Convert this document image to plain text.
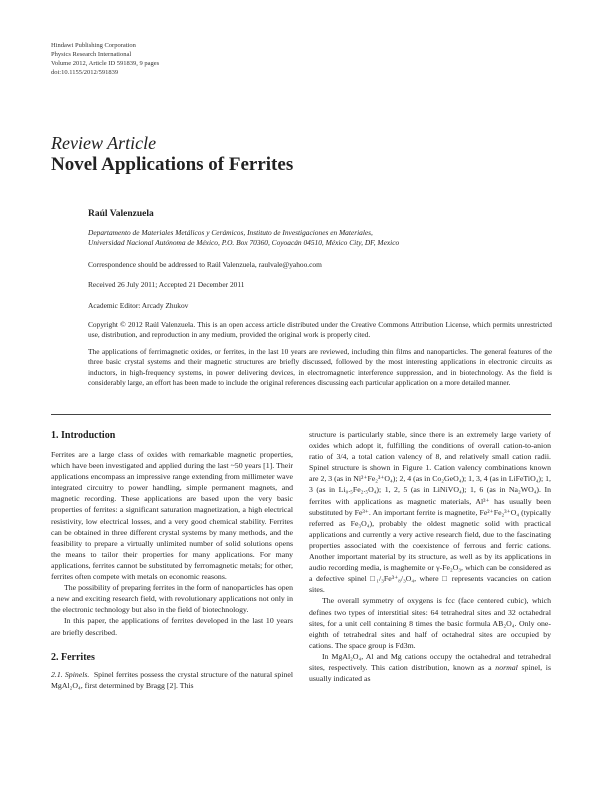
Hindawi Publishing Corporation
Physics Research International
Volume 2012, Article ID 591839, 9 pages
doi:10.1155/2012/591839
Review Article
Novel Applications of Ferrites
Raúl Valenzuela
Departamento de Materiales Metálicos y Cerámicos, Instituto de Investigaciones en Materiales,
Universidad Nacional Autónoma de México, P.O. Box 70360, Coyoacán 04510, México City, DF, Mexico
Correspondence should be addressed to Raúl Valenzuela, raulvale@yahoo.com
Received 26 July 2011; Accepted 21 December 2011
Academic Editor: Arcady Zhukov
Copyright © 2012 Raúl Valenzuela. This is an open access article distributed under the Creative Commons Attribution License, which permits unrestricted use, distribution, and reproduction in any medium, provided the original work is properly cited.
The applications of ferrimagnetic oxides, or ferrites, in the last 10 years are reviewed, including thin films and nanoparticles. The general features of the three basic crystal systems and their magnetic structures are briefly discussed, followed by the most interesting applications in electronic circuits as inductors, in high-frequency systems, in power delivering devices, in electromagnetic interference suppression, and in biotechnology. As the field is considerably large, an effort has been made to include the original references discussing each particular application on a more detailed manner.
1. Introduction

Ferrites are a large class of oxides with remarkable magnetic properties, which have been investigated and applied during the last ~50 years [1]. Their applications encompass an impressive range extending from millimeter wave integrated circuitry to power handling, simple permanent magnets, and magnetic recording. These applications are based upon the very basic properties of ferrites: a significant saturation magnetization, a high electrical resistivity, low electrical losses, and a very good chemical stability. Ferrites can be obtained in three different crystal systems by many methods, and the feasibility to prepare a virtually unlimited number of solid solutions opens the means to tailor their properties for many applications. For many applications, ferrites cannot be substituted by ferromagnetic metals; for other, ferrites often compete with metals on economic reasons.

The possibility of preparing ferrites in the form of nanoparticles has open a new and exciting research field, with revolutionary applications not only in the electronic technology but also in the field of biotechnology.

In this paper, the applications of ferrites developed in the last 10 years are briefly described.

2. Ferrites

2.1. Spinels. Spinel ferrites possess the crystal structure of the natural spinel MgAl₂O₄, first determined by Bragg [2]. This

structure is particularly stable, since there is an extremely large variety of oxides which adopt it, fulfilling the conditions of overall cation-to-anion ratio of 3/4, a total cation valency of 8, and relatively small cation radii. Spinel structure is shown in Figure 1. Cation valency combinations known are 2, 3 (as in Ni²⁺Fe₂³⁺O₄); 2, 4 (as in Co₂GeO₄); 1, 3, 4 (as in LiFeTiO₄); 1, 3 (as in Li₀.₅Fe₂.₅O₄); 1, 2, 5 (as in LiNiVO₄); 1, 6 (as in Na₂WO₄). In ferrites with applications as magnetic materials, Al³⁺ has usually been substituted by Fe³⁺. An important ferrite is magnetite, Fe²⁺Fe₂³⁺O₄ (typically referred as Fe₃O₄), probably the oldest magnetic solid with practical applications and currently a very active research field, due to the fascinating properties associated with the coexistence of ferrous and ferric cations. Another important material by its structure, as well as by its applications in audio recording media, is maghemite or γ-Fe₂O₃, which can be considered as a defective spinel □₁/₃Fe³⁺₈/₃O₄, where □ represents vacancies on cation sites.

The overall symmetry of oxygens is fcc (face centered cubic), which defines two types of interstitial sites: 64 tetrahedral sites and 32 octahedral sites, for a unit cell containing 8 times the basic formula AB₂O₄. Only one-eighth of tetrahedral sites and half of octahedral sites are occupied by cations. The space group is Fd3m.

In MgAl₂O₄, Al and Mg cations occupy the octahedral and tetrahedral sites, respectively. This cation distribution, known as a normal spinel, is usually indicated as
